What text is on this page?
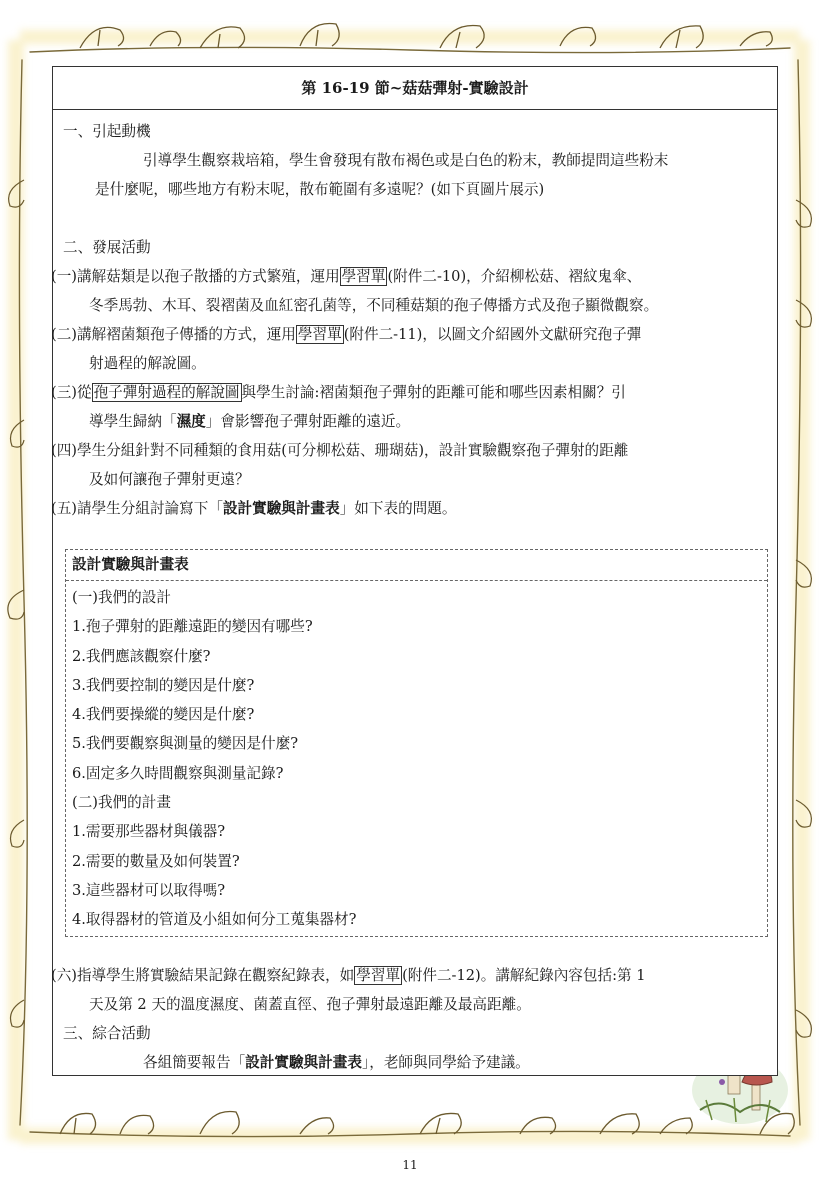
第 16-19 節~菇菇彈射-實驗設計
一、引起動機
引導學生觀察栽培箱，學生會發現有散布褐色或是白色的粉末，教師提問這些粉末
是什麼呢，哪些地方有粉末呢，散布範圍有多遠呢？(如下頁圖片展示)
二、發展活動
(一)講解菇類是以孢子散播的方式繁殖，運用 學習單 (附件二-10)，介紹柳松菇、褶紋鬼傘、
冬季馬勃、木耳、裂褶菌及血紅密孔菌等，不同種菇類的孢子傳播方式及孢子顯微觀察。
(二)講解褶菌類孢子傳播的方式，運用 學習單 (附件二-11)，以圖文介紹國外文獻研究孢子彈
射過程的解說圖。
(三)從 孢子彈射過程的解說圖 與學生討論:褶菌類孢子彈射的距離可能和哪些因素相關？引
導學生歸納「濕度」會影響孢子彈射距離的遠近。
(四)學生分組針對不同種類的食用菇(可分柳松菇、珊瑚菇)，設計實驗觀察孢子彈射的距離
及如何讓孢子彈射更遠？
(五)請學生分組討論寫下「設計實驗與計畫表」如下表的問題。
設計實驗與計畫表
(一)我們的設計
1.孢子彈射的距離遠距的變因有哪些?
2.我們應該觀察什麼?
3.我們要控制的變因是什麼?
4.我們要操縱的變因是什麼?
5.我們要觀察與測量的變因是什麼?
6.固定多久時間觀察與測量記錄?
(二)我們的計畫
1.需要那些器材與儀器?
2.需要的數量及如何裝置?
3.這些器材可以取得嗎?
4.取得器材的管道及小組如何分工蒐集器材?
(六)指導學生將實驗結果記錄在觀察紀錄表，如 學習單 (附件二-12)。講解紀錄內容包括:第 1
天及第 2 天的溫度濕度、菌蓋直徑、孢子彈射最遠距離及最高距離。
三、綜合活動
各組簡要報告「設計實驗與計畫表」，老師與同學給予建議。
11
